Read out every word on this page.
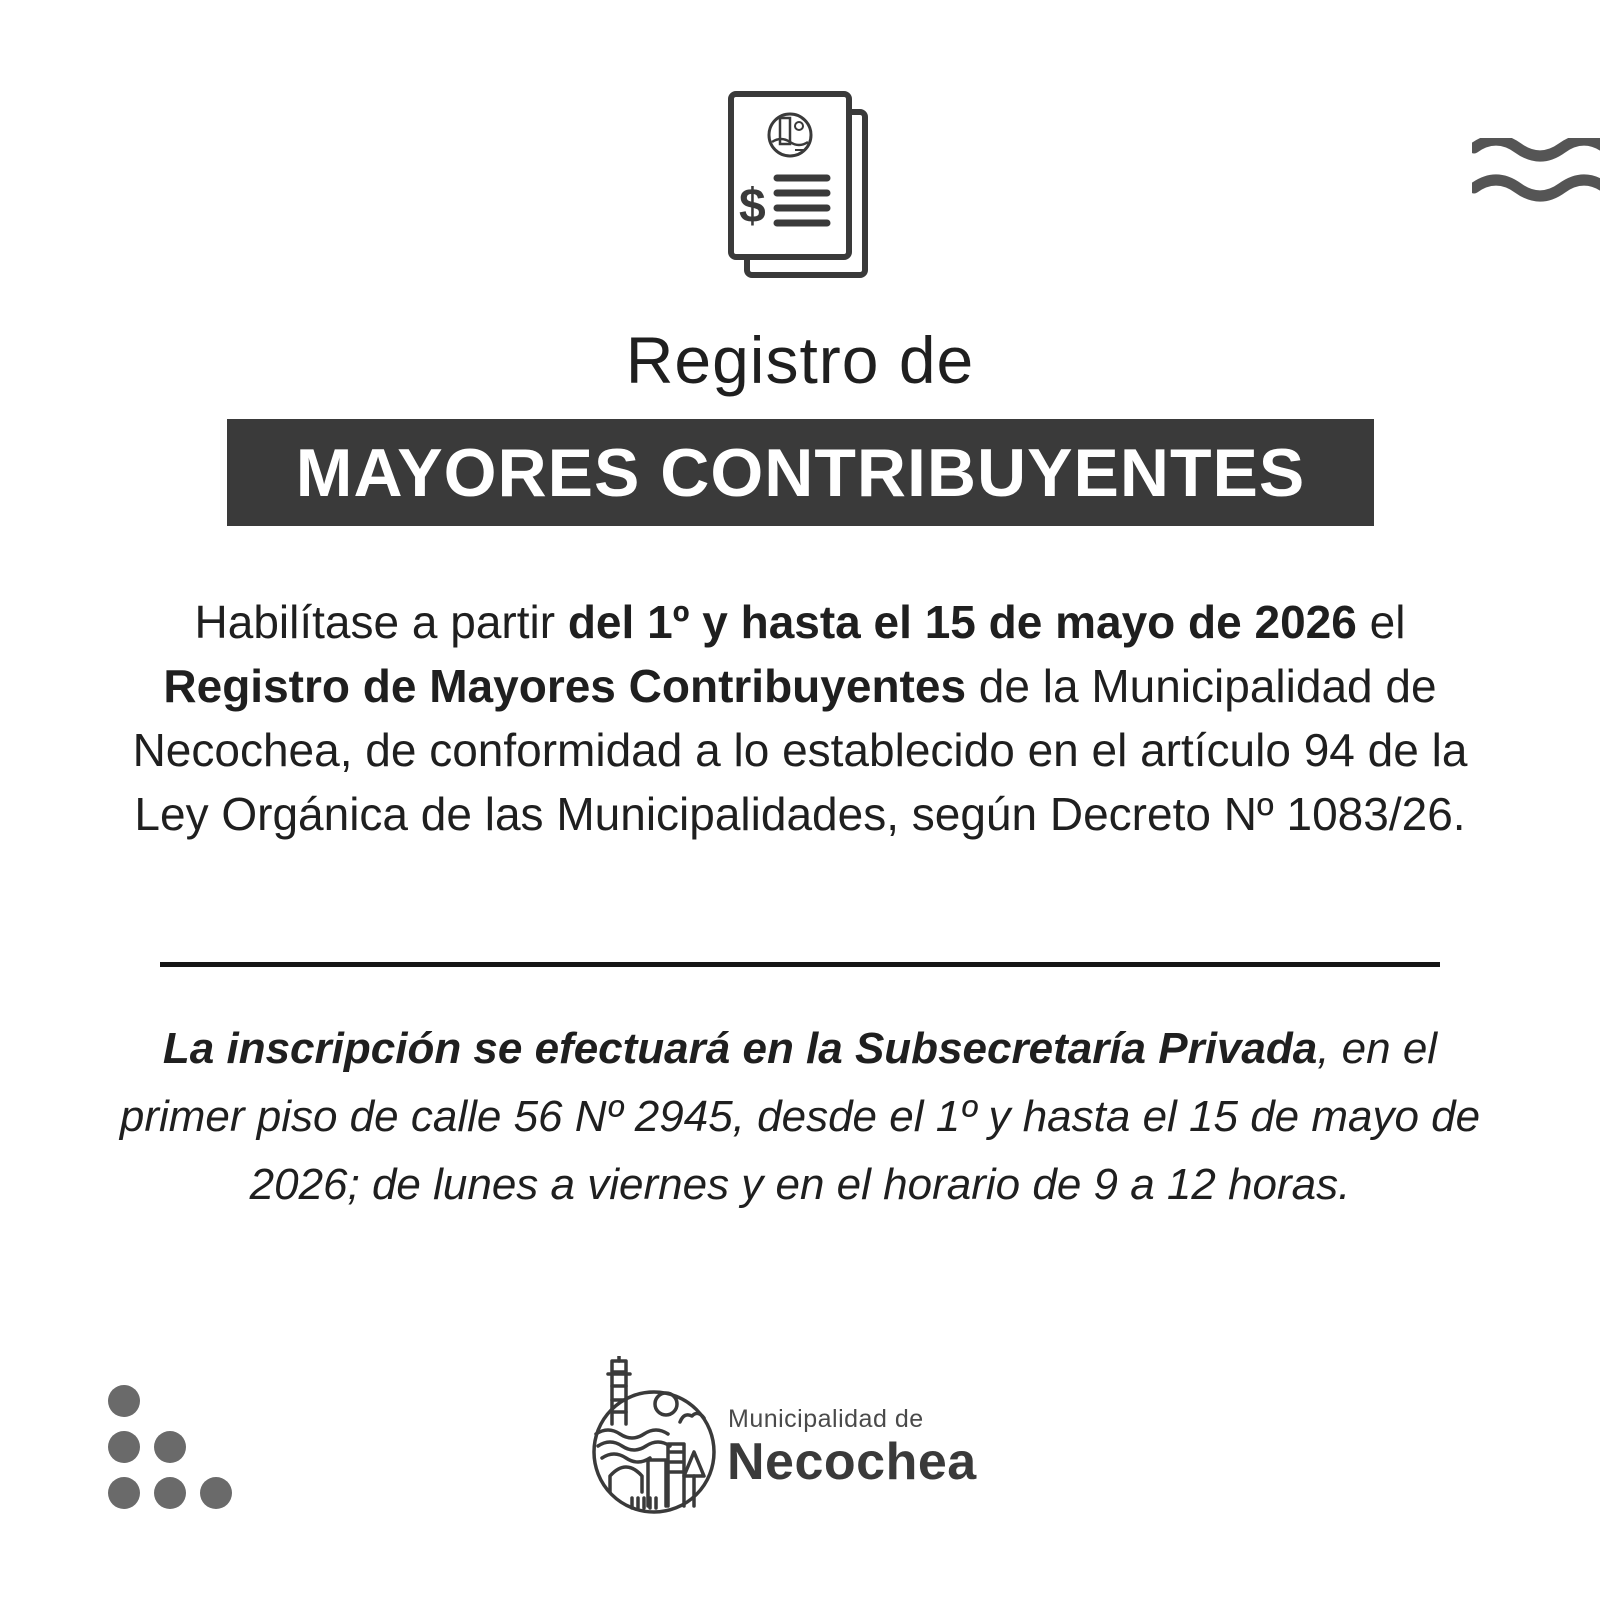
$
Registro de
MAYORES CONTRIBUYENTES
Habilítase a partir del 1º y hasta el 15 de mayo de 2026 el Registro de Mayores Contribuyentes de la Municipalidad de Necochea, de conformidad a lo establecido en el artículo 94 de la Ley Orgánica de las Municipalidades, según Decreto Nº 1083/26.
La inscripción se efectuará en la Subsecretaría Privada, en el primer piso de calle 56 Nº 2945, desde el 1º y hasta el 15 de mayo de 2026; de lunes a viernes y en el horario de 9 a 12 horas.
Municipalidad de
Necochea
